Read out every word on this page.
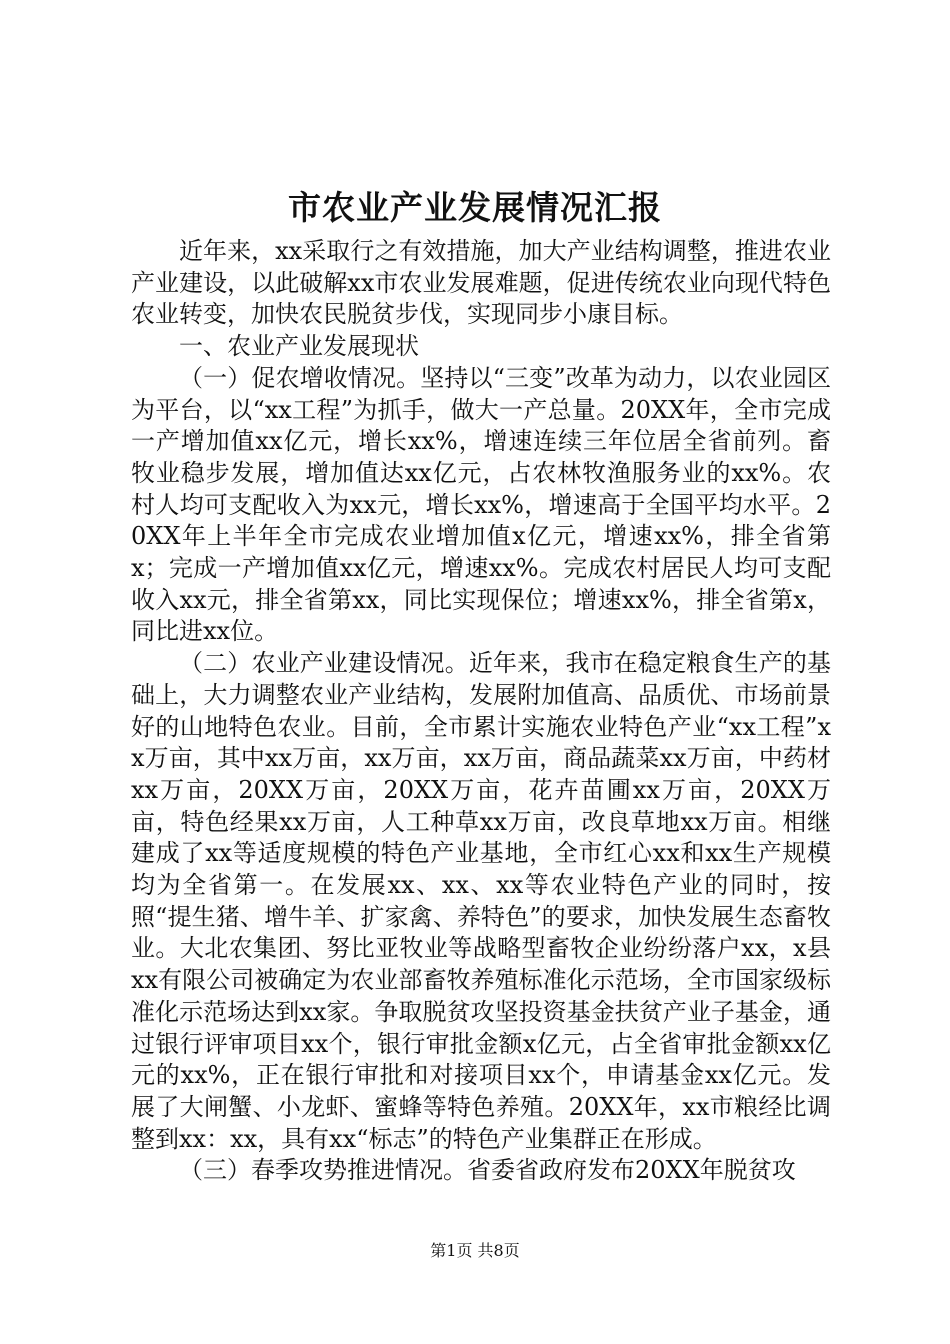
市农业产业发展情况汇报

近年来，xx采取行之有效措施，加大产业结构调整，推进农业产业建设，以此破解xx市农业发展难题，促进传统农业向现代特色农业转变，加快农民脱贫步伐，实现同步小康目标。

一、农业产业发展现状

（一）促农增收情况。坚持以“三变”改革为动力，以农业园区为平台，以“xx工程”为抓手，做大一产总量。20XX年，全市完成一产增加值xx亿元，增长xx%，增速连续三年位居全省前列。畜牧业稳步发展，增加值达xx亿元，占农林牧渔服务业的xx%。农村人均可支配收入为xx元，增长xx%，增速高于全国平均水平。20XX年上半年全市完成农业增加值x亿元，增速xx%，排全省第x；完成一产增加值xx亿元，增速xx%。完成农村居民人均可支配收入xx元，排全省第xx，同比实现保位；增速xx%，排全省第x，同比进xx位。

（二）农业产业建设情况。近年来，我市在稳定粮食生产的基础上，大力调整农业产业结构，发展附加值高、品质优、市场前景好的山地特色农业。目前，全市累计实施农业特色产业“xx工程”xx万亩，其中xx万亩，xx万亩，xx万亩，商品蔬菜xx万亩，中药材xx万亩，20XX万亩，20XX万亩，花卉苗圃xx万亩，20XX万亩，特色经果xx万亩，人工种草xx万亩，改良草地xx万亩。相继建成了xx等适度规模的特色产业基地，全市红心xx和xx生产规模均为全省第一。在发展xx、xx、xx等农业特色产业的同时，按照“提生猪、增牛羊、扩家禽、养特色”的要求，加快发展生态畜牧业。大北农集团、努比亚牧业等战略型畜牧企业纷纷落户xx，x县xx有限公司被确定为农业部畜牧养殖标准化示范场，全市国家级标准化示范场达到xx家。争取脱贫攻坚投资基金扶贫产业子基金，通过银行评审项目xx个，银行审批金额x亿元，占全省审批金额xx亿元的xx%，正在银行审批和对接项目xx个，申请基金xx亿元。发展了大闸蟹、小龙虾、蜜蜂等特色养殖。20XX年，xx市粮经比调整到xx：xx，具有xx“标志”的特色产业集群正在形成。

（三）春季攻势推进情况。省委省政府发布20XX年脱贫攻

第1页 共8页
